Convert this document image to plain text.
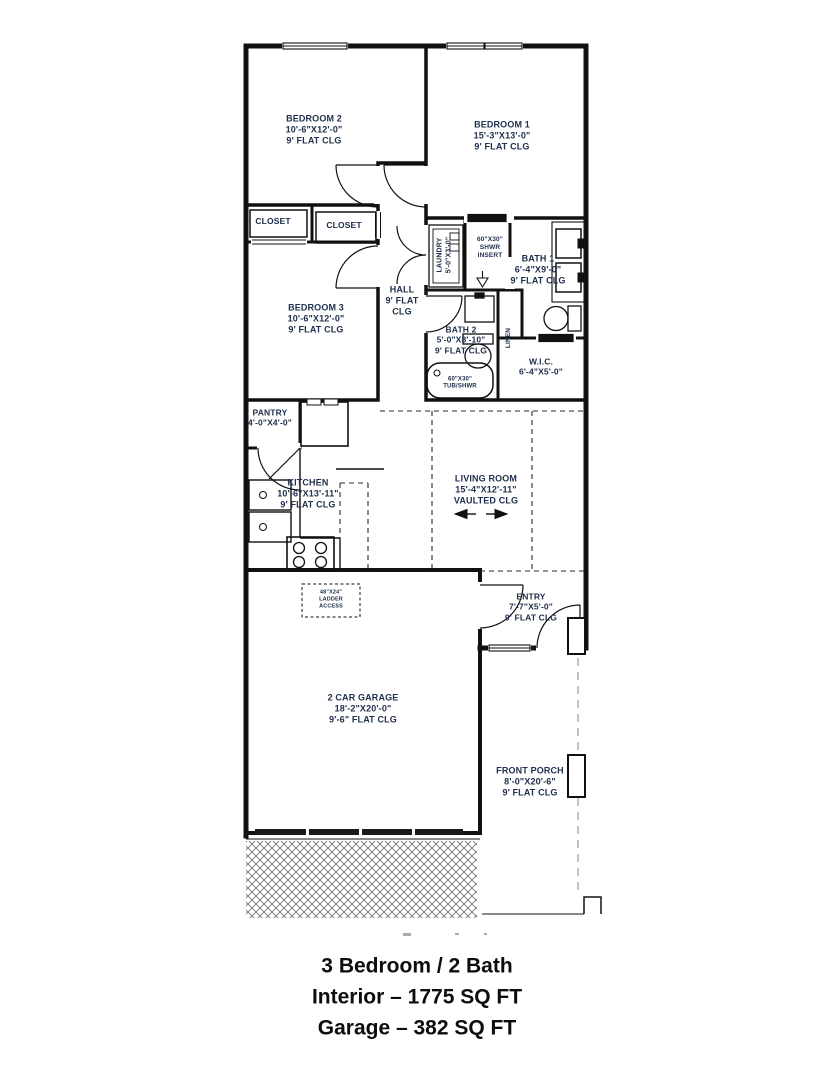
BEDROOM 2
10'-6"X12'-0"
9' FLAT CLG
BEDROOM 1
15'-3"X13'-0"
9' FLAT CLG
CLOSET	CLOSET
BEDROOM 3
10'-6"X12'-0"
9' FLAT CLG
HALL
9' FLAT
CLG
LAUNDRY 5'-0"X3'-0"	60"X30"
SHWR
INSERT	BATH 1
6'-4"X9'-0"
9' FLAT CLG
BATH 2
5'-0"X8'-10"
9' FLAT CLG
LINEN
W.I.C.
6'-4"X5'-0"
60"X30"
TUB/SHWR
PANTRY
4'-0"X4'-0"
KITCHEN
10'-6"X13'-11"
9' FLAT CLG
LIVING ROOM
15'-4"X12'-11"
VAULTED CLG
48"X24"
LADDER
ACCESS
ENTRY
7'-7"X5'-0"
9' FLAT CLG
2 CAR GARAGE
18'-2"X20'-0"
9'-6" FLAT CLG
FRONT PORCH
8'-0"X20'-6"
9' FLAT CLG
3 Bedroom / 2 Bath
Interior – 1775 SQ FT
Garage – 382 SQ FT
